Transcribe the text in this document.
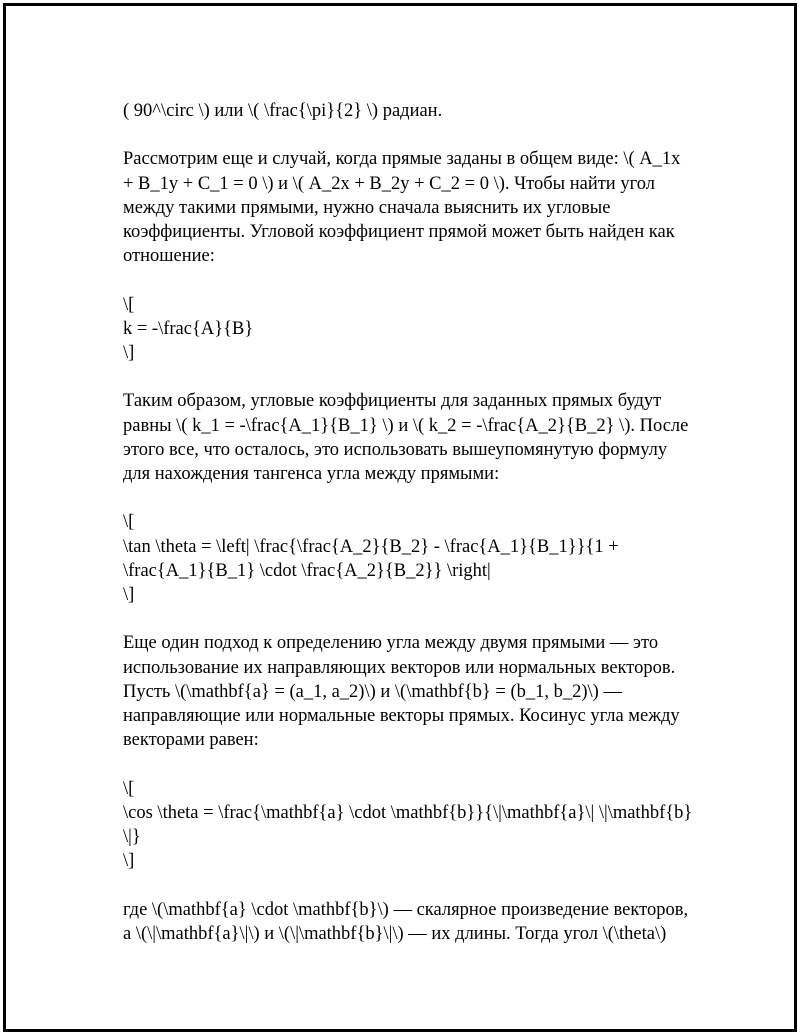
( 90^\circ \) или \( \frac{\pi}{2} \) радиан.
Рассмотрим еще и случай, когда прямые заданы в общем виде: \( A_1x
+ B_1y + C_1 = 0 \) и \( A_2x + B_2y + C_2 = 0 \). Чтобы найти угол
между такими прямыми, нужно сначала выяснить их угловые
коэффициенты. Угловой коэффициент прямой может быть найден как
отношение:
\[
k = -\frac{A}{B}
\]
Таким образом, угловые коэффициенты для заданных прямых будут
равны \( k_1 = -\frac{A_1}{B_1} \) и \( k_2 = -\frac{A_2}{B_2} \). После
этого все, что осталось, это использовать вышеупомянутую формулу
для нахождения тангенса угла между прямыми:
\[
\tan \theta = \left| \frac{\frac{A_2}{B_2} - \frac{A_1}{B_1}}{1 +
\frac{A_1}{B_1} \cdot \frac{A_2}{B_2}} \right|
\]
Еще один подход к определению угла между двумя прямыми — это
использование их направляющих векторов или нормальных векторов.
Пусть \(\mathbf{a} = (a_1, a_2)\) и \(\mathbf{b} = (b_1, b_2)\) —
направляющие или нормальные векторы прямых. Косинус угла между
векторами равен:
\[
\cos \theta = \frac{\mathbf{a} \cdot \mathbf{b}}{\|\mathbf{a}\| \|\mathbf{b}
\|}
\]
где \(\mathbf{a} \cdot \mathbf{b}\) — скалярное произведение векторов,
а \(\|\mathbf{a}\|\) и \(\|\mathbf{b}\|\) — их длины. Тогда угол \(\theta\)
